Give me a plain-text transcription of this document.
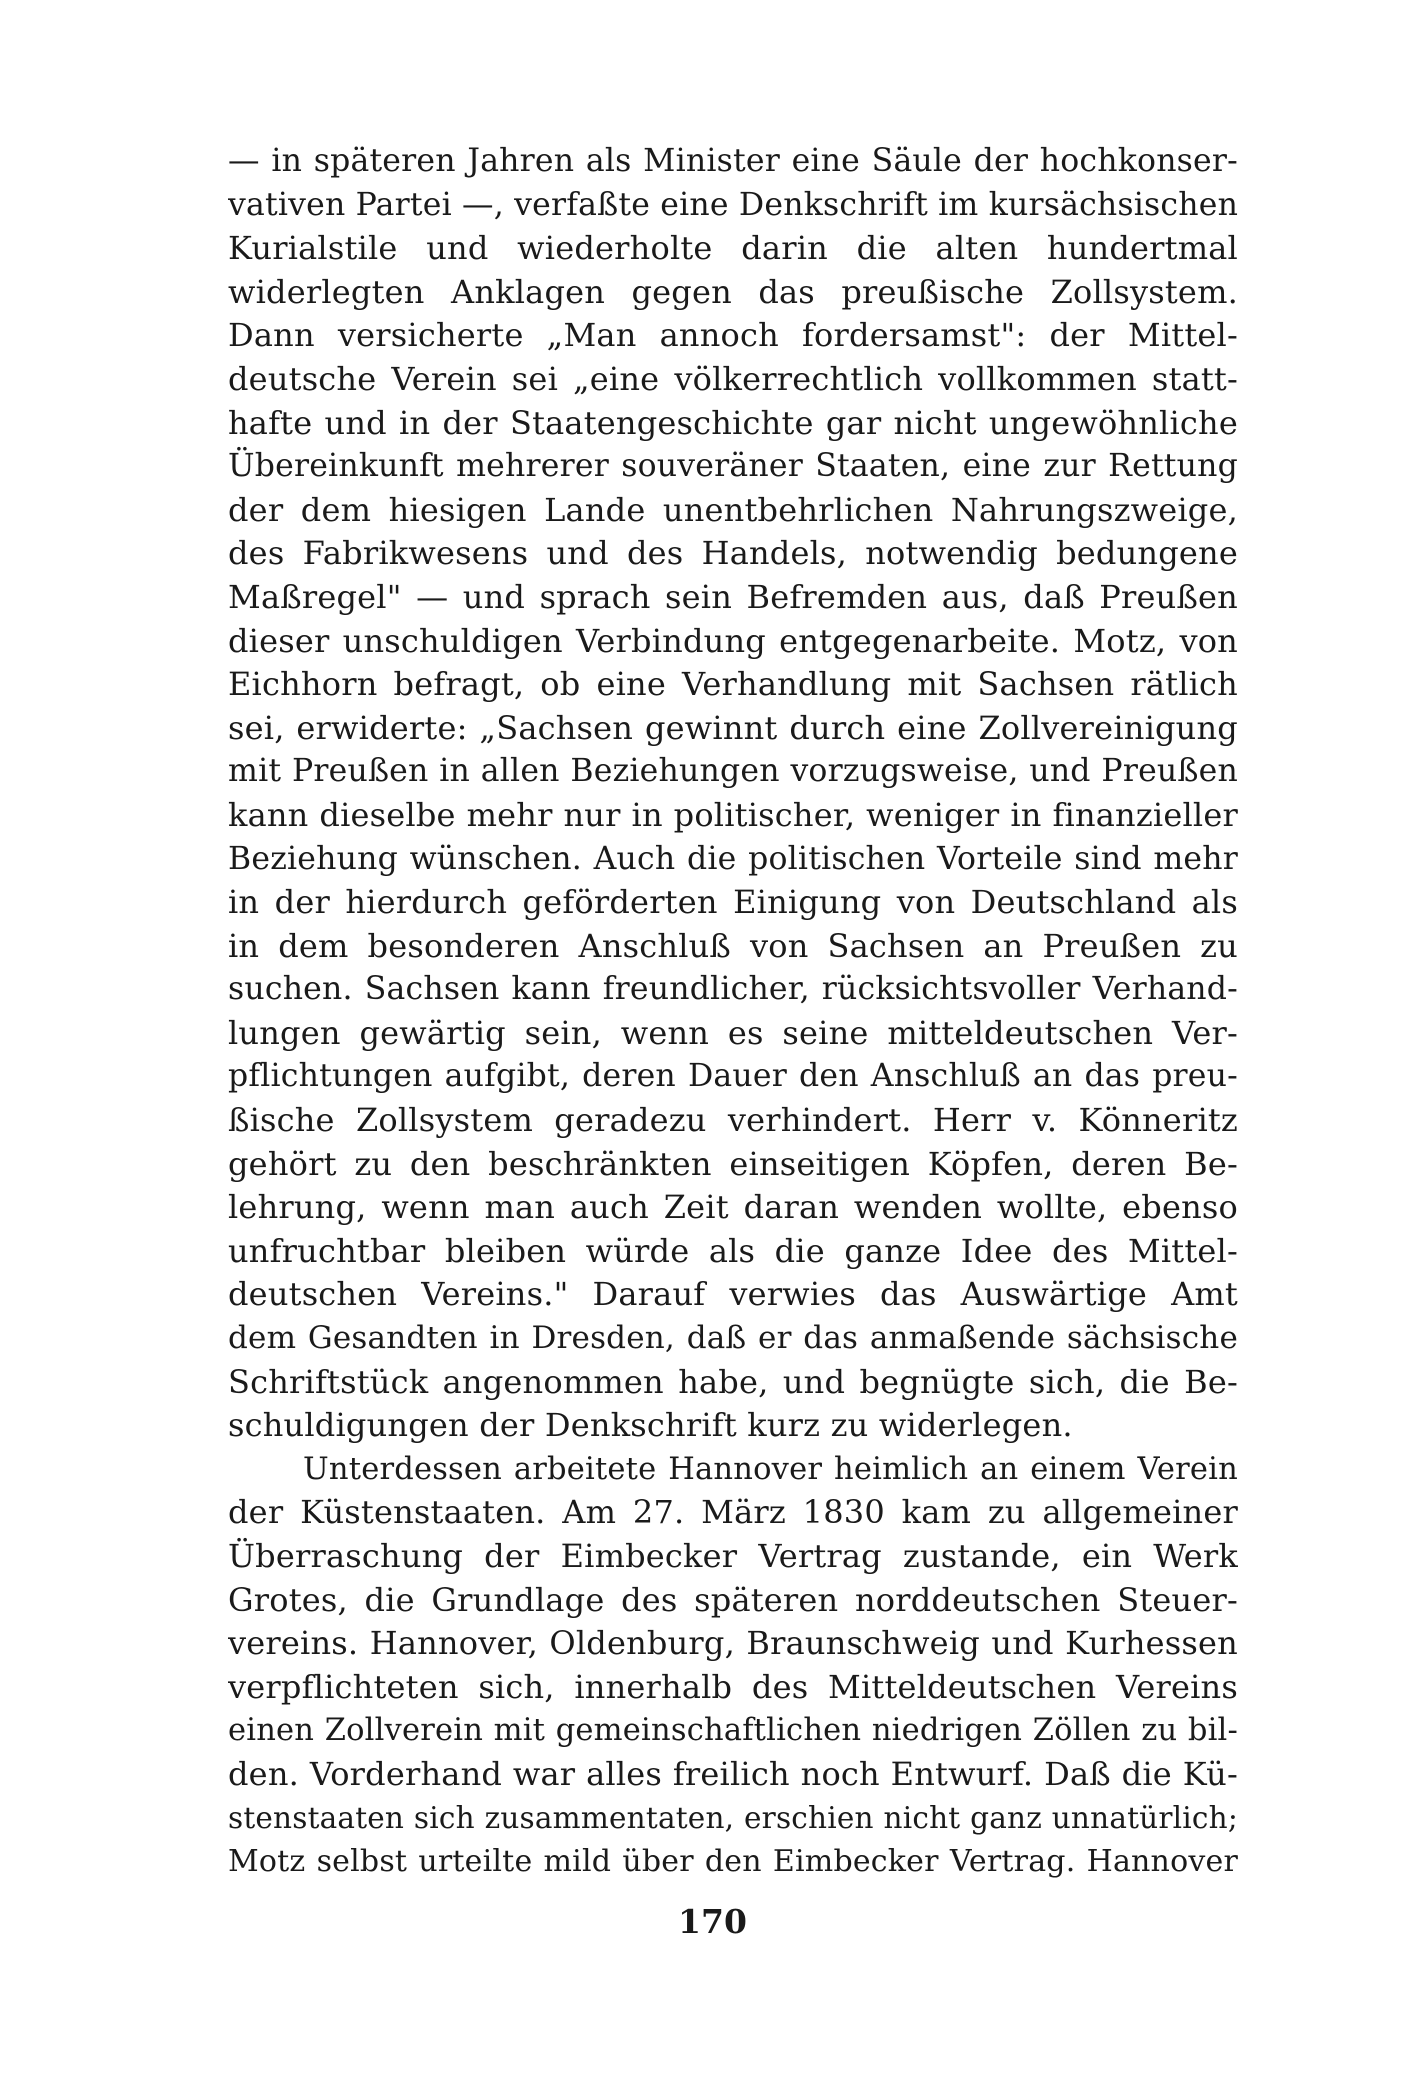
— in späteren Jahren als Minister eine Säule der hochkonser-
vativen Partei —, verfaßte eine Denkschrift im kursächsischen
Kurialstile und wiederholte darin die alten hundertmal
widerlegten Anklagen gegen das preußische Zollsystem.
Dann versicherte „Man annoch fordersamst": der Mittel-
deutsche Verein sei „eine völkerrechtlich vollkommen statt-
hafte und in der Staatengeschichte gar nicht ungewöhnliche
Übereinkunft mehrerer souveräner Staaten, eine zur Rettung
der dem hiesigen Lande unentbehrlichen Nahrungszweige,
des Fabrikwesens und des Handels, notwendig bedungene
Maßregel" — und sprach sein Befremden aus, daß Preußen
dieser unschuldigen Verbindung entgegenarbeite. Motz, von
Eichhorn befragt, ob eine Verhandlung mit Sachsen rätlich
sei, erwiderte: „Sachsen gewinnt durch eine Zollvereinigung
mit Preußen in allen Beziehungen vorzugsweise, und Preußen
kann dieselbe mehr nur in politischer, weniger in finanzieller
Beziehung wünschen. Auch die politischen Vorteile sind mehr
in der hierdurch geförderten Einigung von Deutschland als
in dem besonderen Anschluß von Sachsen an Preußen zu
suchen. Sachsen kann freundlicher, rücksichtsvoller Verhand-
lungen gewärtig sein, wenn es seine mitteldeutschen Ver-
pflichtungen aufgibt, deren Dauer den Anschluß an das preu-
ßische Zollsystem geradezu verhindert. Herr v. Könneritz
gehört zu den beschränkten einseitigen Köpfen, deren Be-
lehrung, wenn man auch Zeit daran wenden wollte, ebenso
unfruchtbar bleiben würde als die ganze Idee des Mittel-
deutschen Vereins." Darauf verwies das Auswärtige Amt
dem Gesandten in Dresden, daß er das anmaßende sächsische
Schriftstück angenommen habe, und begnügte sich, die Be-
schuldigungen der Denkschrift kurz zu widerlegen.
Unterdessen arbeitete Hannover heimlich an einem Verein
der Küstenstaaten. Am 27. März 1830 kam zu allgemeiner
Überraschung der Eimbecker Vertrag zustande, ein Werk
Grotes, die Grundlage des späteren norddeutschen Steuer-
vereins. Hannover, Oldenburg, Braunschweig und Kurhessen
verpflichteten sich, innerhalb des Mitteldeutschen Vereins
einen Zollverein mit gemeinschaftlichen niedrigen Zöllen zu bil-
den. Vorderhand war alles freilich noch Entwurf. Daß die Kü-
stenstaaten sich zusammentaten, erschien nicht ganz unnatürlich;
Motz selbst urteilte mild über den Eimbecker Vertrag. Hannover
170
